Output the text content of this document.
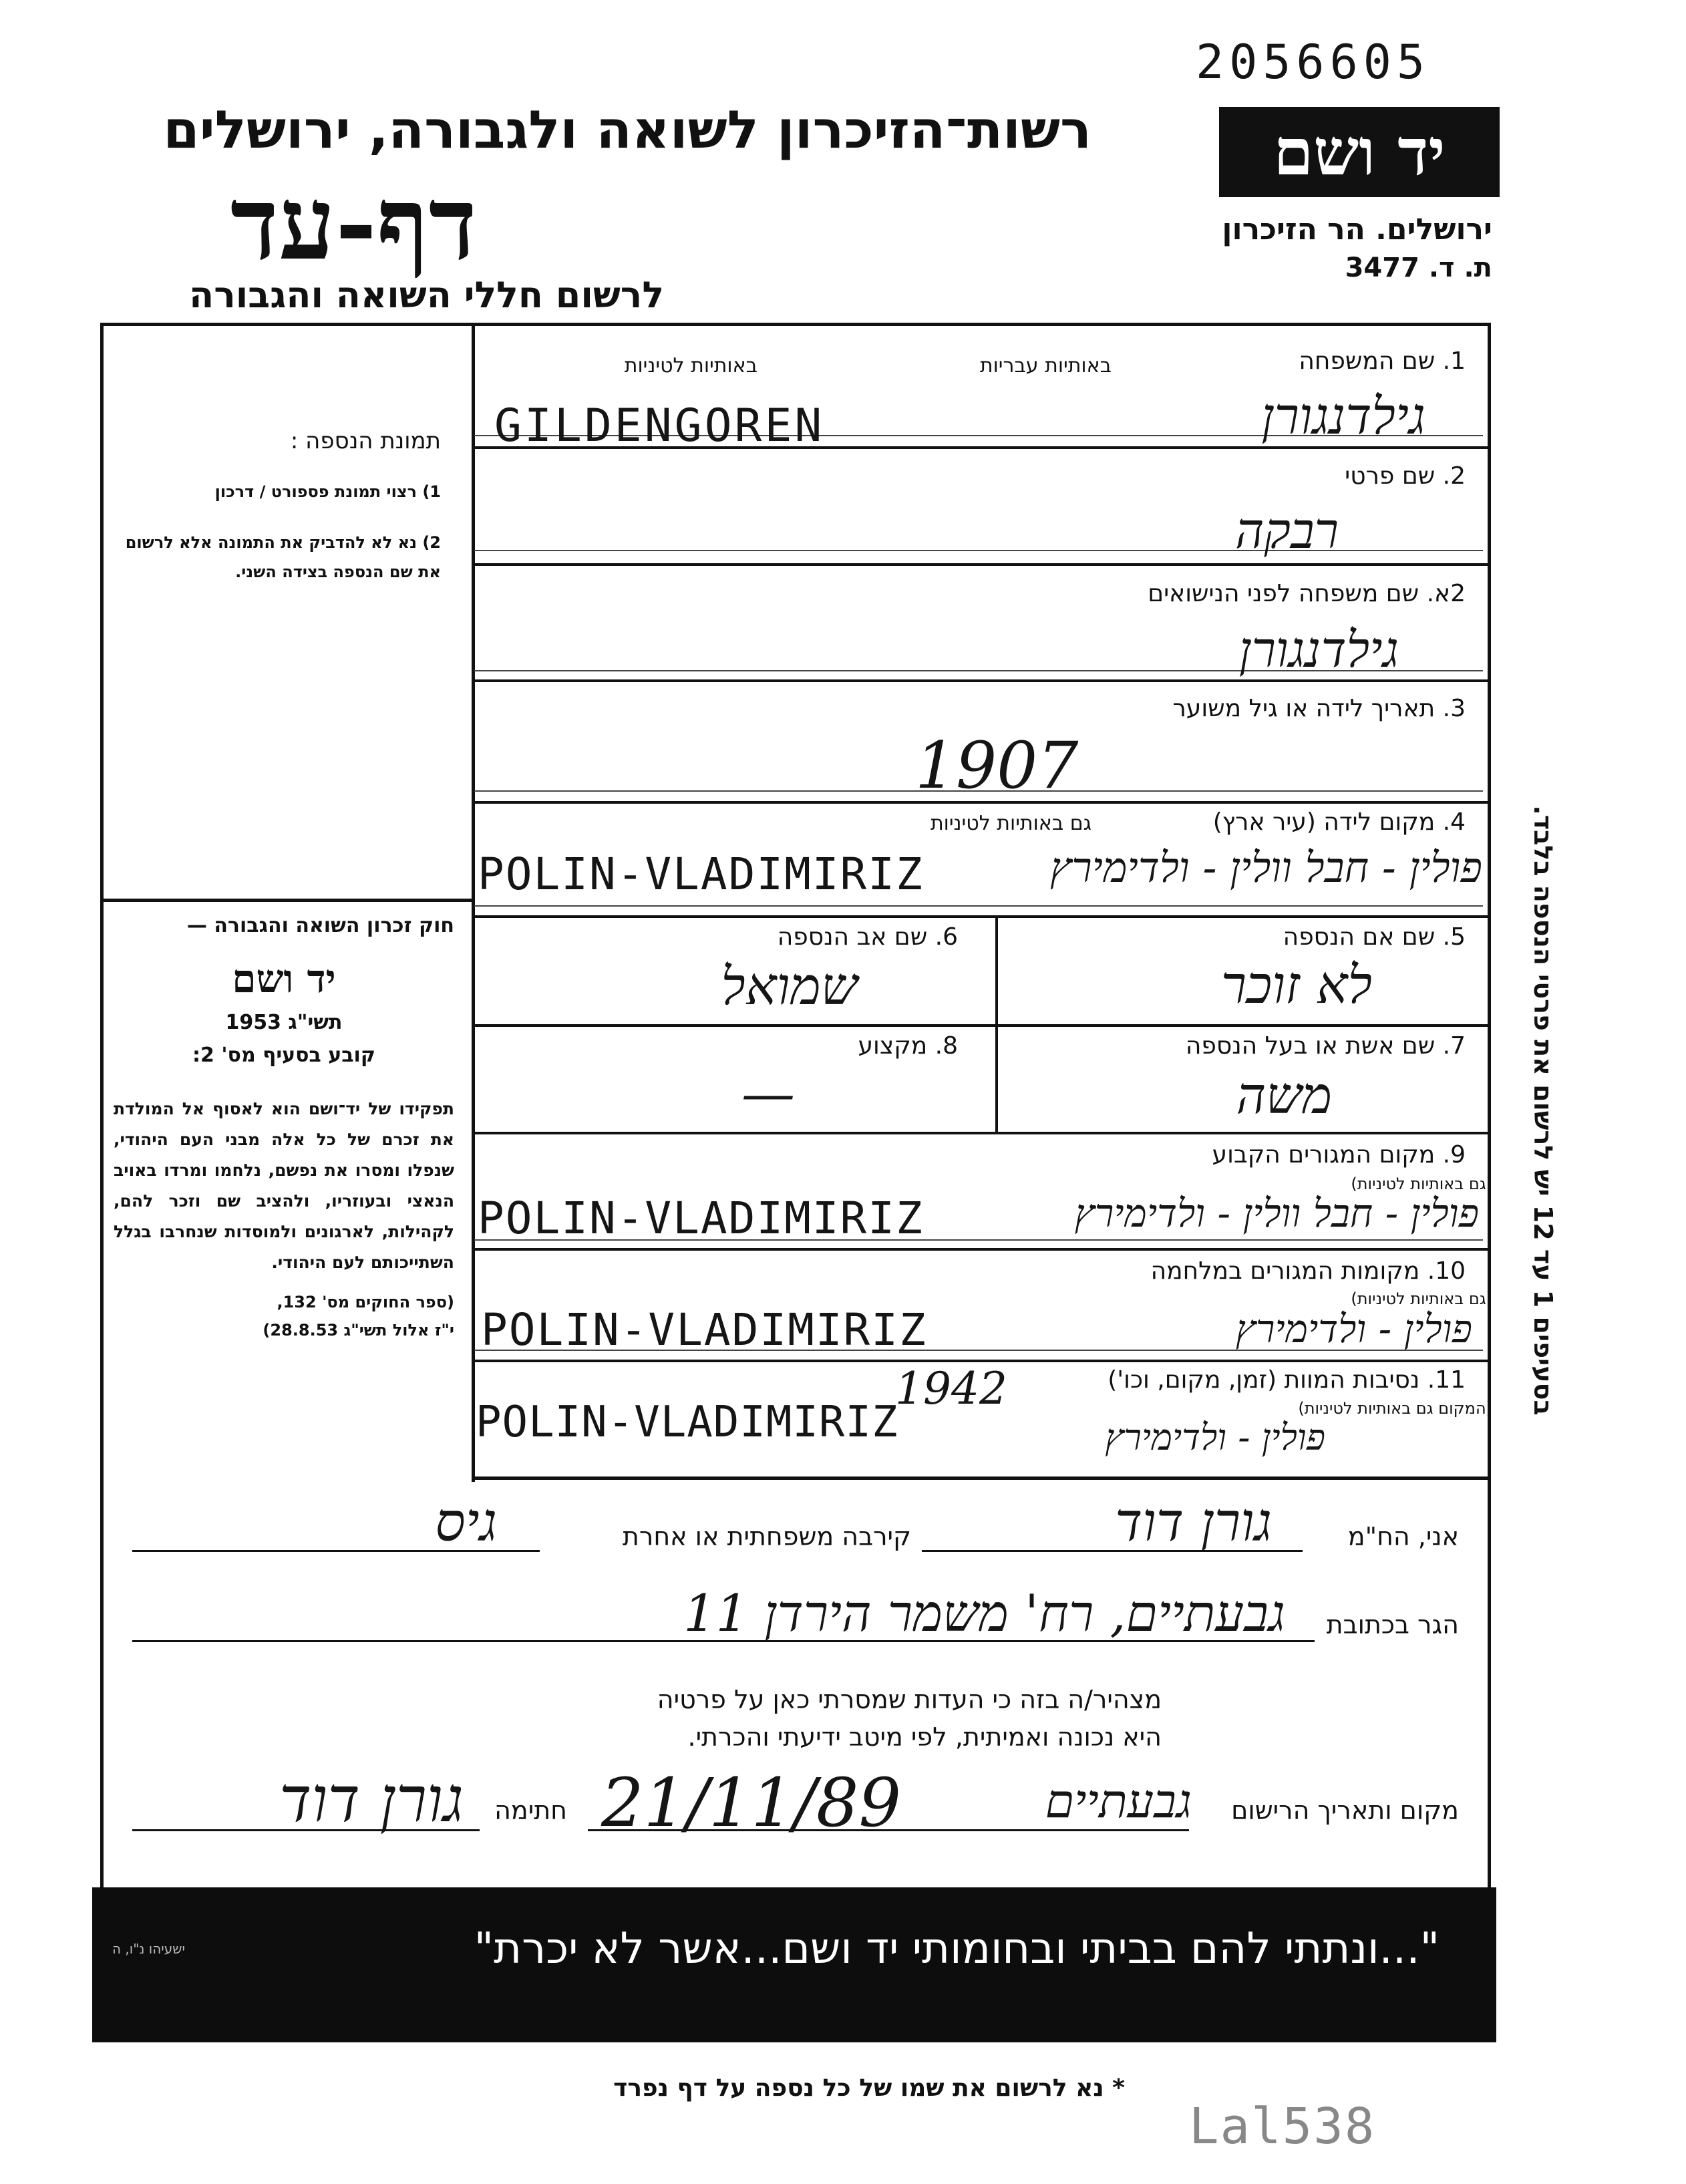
2056605
רשות־הזיכרון לשואה ולגבורה, ירושלים
דף-עד
לרשום חללי השואה והגבורה
יד ושם
ירושלים. הר הזיכרון
ת. ד. 3477
תמונת הנספה :
1) רצוי תמונת פספורט / דרכון
2) נא לא להדביק את התמונה אלא לרשום את שם הנספה בצידה השני.
חוק זכרון השואה והגבורה —
יד ושם
תשי"ג 1953
קובע בסעיף מס' 2:
תפקידו של יד־ושם הוא לאסוף אל המולדת את זכרם של כל אלה מבני העם היהודי, שנפלו ומסרו את נפשם, נלחמו ומרדו באויב הנאצי ובעוזריו, ולהציב שם וזכר להם, לקהילות, לארגונים ולמוסדות שנחרבו בגלל השתייכותם לעם היהודי.
(ספר החוקים מס' 132,
י"ז אלול תשי"ג 28.8.53)
1. שם המשפחה
באותיות עבריות
באותיות לטיניות
גילדנגורן
GILDENGOREN
2. שם פרטי
רבקה
2א. שם משפחה לפני הנישואים
גילדנגורן
3. תאריך לידה או גיל משוער
1907
4. מקום לידה (עיר ארץ)
גם באותיות לטיניות
פולין - חבל וולין - ולדימירץ
POLIN-VLADIMIRIZ
5. שם אם הנספה
לא זוכר
6. שם אב הנספה
שמואל
7. שם אשת או בעל הנספה
משה
8. מקצוע
—
9. מקום המגורים הקבוע
(גם באותיות לטיניות)
פולין - חבל וולין - ולדימירץ
POLIN-VLADIMIRIZ
10. מקומות המגורים במלחמה
(גם באותיות לטיניות)
פולין - ולדימירץ
POLIN-VLADIMIRIZ
11. נסיבות המוות (זמן, מקום, וכו')
(המקום גם באותיות לטיניות)
1942
פולין - ולדימירץ
POLIN-VLADIMIRIZ
בסעיפים 1 עד 12 יש לרשום את פרטי הנספה בלבד.
אני, הח"מ
גורן דוד
קירבה משפחתית או אחרת
גיס
הגר בכתובת
גבעתיים, רח' משמר הירדן 11
מצהיר/ה בזה כי העדות שמסרתי כאן על פרטיה
היא נכונה ואמיתית, לפי מיטב ידיעתי והכרתי.
מקום ותאריך הרישום
גבעתיים
21/11/89
חתימה
גורן דוד
"...ונתתי להם בביתי ובחומותי יד ושם...אשר לא יכרת"
ישעיהו נ"ו, ה
* נא לרשום את שמו של כל נספה על דף נפרד
Lal538
